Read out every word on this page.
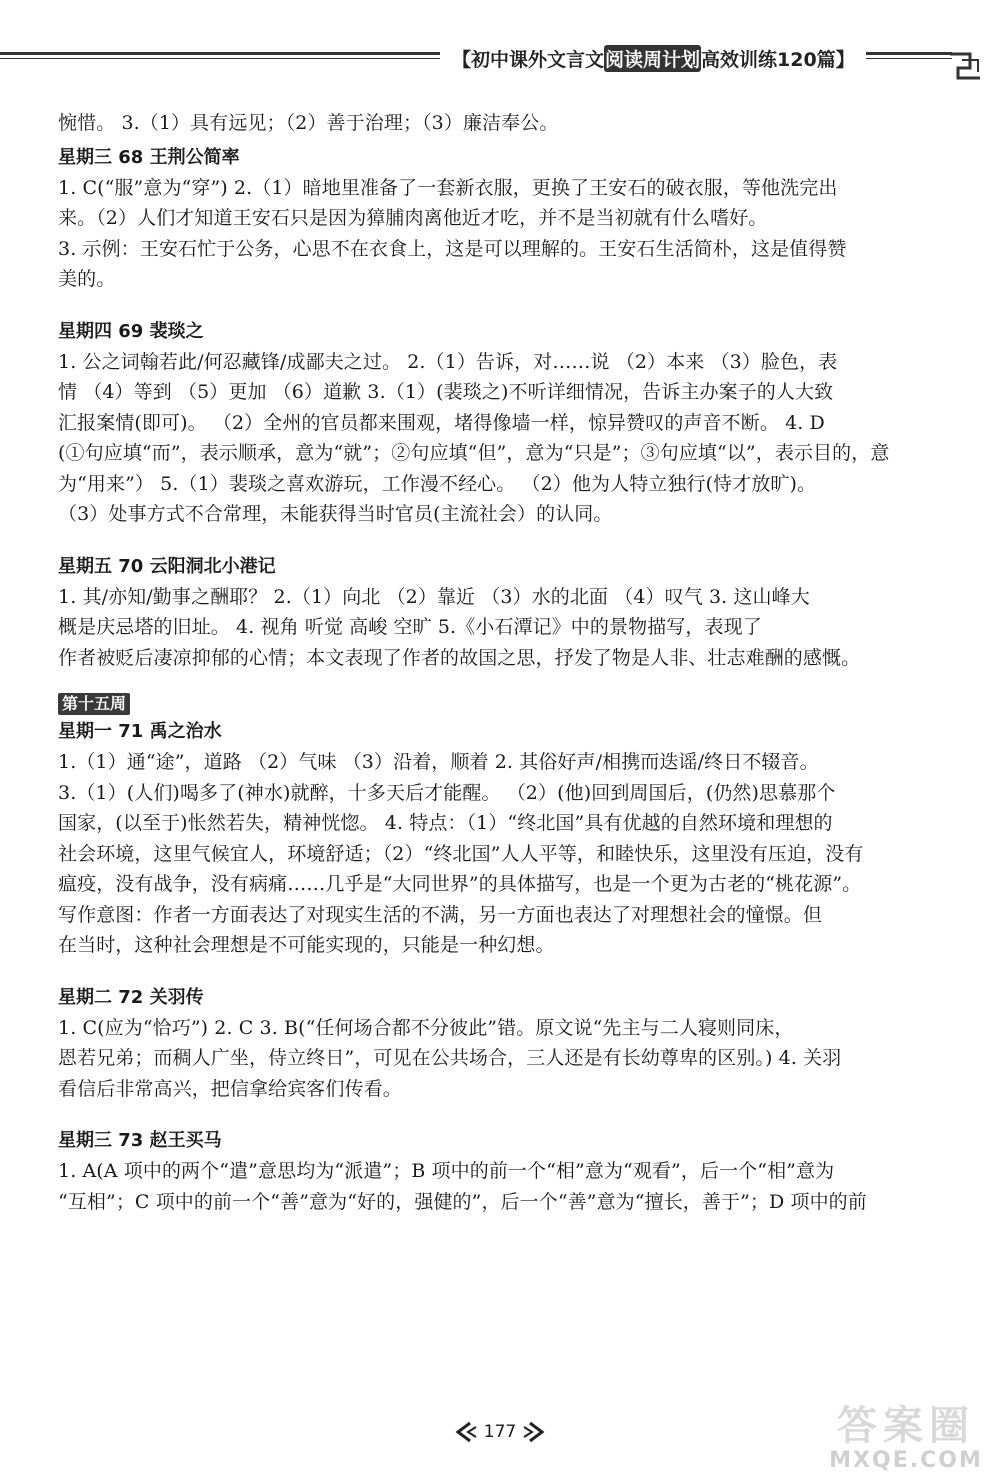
【初中课外文言文 阅读周计划 高效训练120篇】
惋惜。 3.（1）具有远见；（2）善于治理；（3）廉洁奉公。
星期三 68 王荆公简率
1. C(“服”意为“穿”) 2.（1）暗地里准备了一套新衣服，更换了王安石的破衣服，等他洗完出
来。（2）人们才知道王安石只是因为獐脯肉离他近才吃，并不是当初就有什么嗜好。
3. 示例：王安石忙于公务，心思不在衣食上，这是可以理解的。王安石生活简朴，这是值得赞
美的。
星期四 69 裴琰之
1. 公之词翰若此/何忍藏锋/成鄙夫之过。 2.（1）告诉，对……说 （2）本来 （3）脸色，表
情 （4）等到 （5）更加 （6）道歉 3.（1）(裴琰之)不听详细情况，告诉主办案子的人大致
汇报案情(即可)。 （2）全州的官员都来围观，堵得像墙一样，惊异赞叹的声音不断。 4. D
(①句应填“而”，表示顺承，意为“就”；②句应填“但”，意为“只是”；③句应填“以”，表示目的，意
为“用来”） 5.（1）裴琰之喜欢游玩，工作漫不经心。 （2）他为人特立独行(恃才放旷)。
（3）处事方式不合常理，未能获得当时官员(主流社会）的认同。
星期五 70 云阳洞北小港记
1. 其/亦知/勤事之酬耶？ 2.（1）向北 （2）靠近 （3）水的北面 （4）叹气 3. 这山峰大
概是庆忌塔的旧址。 4. 视角 听觉 高峻 空旷 5.《小石潭记》中的景物描写，表现了
作者被贬后凄凉抑郁的心情；本文表现了作者的故国之思，抒发了物是人非、壮志难酬的感慨。
第十五周
星期一 71 禹之治水
1.（1）通“途”，道路 （2）气味 （3）沿着，顺着 2. 其俗好声/相携而迭谣/终日不辍音。
3.（1）(人们)喝多了(神水)就醉，十多天后才能醒。 （2）(他)回到周国后，(仍然)思慕那个
国家，(以至于)怅然若失，精神恍惚。 4. 特点：（1）“终北国”具有优越的自然环境和理想的
社会环境，这里气候宜人，环境舒适；（2）“终北国”人人平等，和睦快乐，这里没有压迫，没有
瘟疫，没有战争，没有病痛……几乎是“大同世界”的具体描写，也是一个更为古老的“桃花源”。
写作意图：作者一方面表达了对现实生活的不满，另一方面也表达了对理想社会的憧憬。但
在当时，这种社会理想是不可能实现的，只能是一种幻想。
星期二 72 关羽传
1. C(应为“恰巧”) 2. C 3. B(“任何场合都不分彼此”错。原文说“先主与二人寝则同床，
恩若兄弟；而稠人广坐，侍立终日”，可见在公共场合，三人还是有长幼尊卑的区别。) 4. 关羽
看信后非常高兴，把信拿给宾客们传看。
星期三 73 赵王买马
1. A(A 项中的两个“遣”意思均为“派遣”；B 项中的前一个“相”意为“观看”，后一个“相”意为
“互相”；C 项中的前一个“善”意为“好的，强健的”，后一个“善”意为“擅长，善于”；D 项中的前
177	答案圈
MXQE.COM
